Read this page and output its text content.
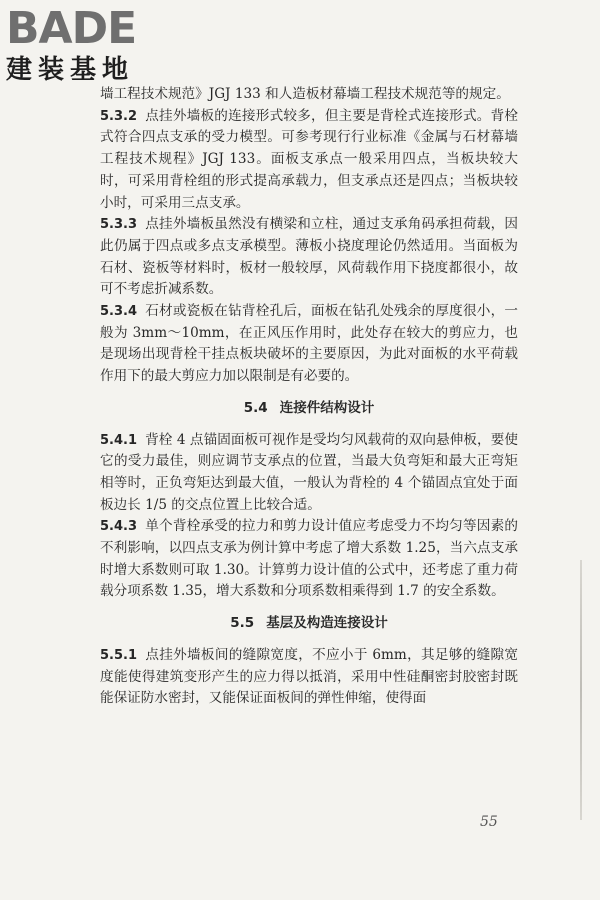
BADE
建装基地

墙工程技术规范》JGJ 133 和人造板材幕墙工程技术规范等的规定。

5.3.2 点挂外墙板的连接形式较多，但主要是背栓式连接形式。背栓式符合四点支承的受力模型。可参考现行行业标准《金属与石材幕墙工程技术规程》JGJ 133。面板支承点一般采用四点，当板块较大时，可采用背栓组的形式提高承载力，但支承点还是四点；当板块较小时，可采用三点支承。

5.3.3 点挂外墙板虽然没有横梁和立柱，通过支承角码承担荷载，因此仍属于四点或多点支承模型。薄板小挠度理论仍然适用。当面板为石材、瓷板等材料时，板材一般较厚，风荷载作用下挠度都很小，故可不考虑折减系数。

5.3.4 石材或瓷板在钻背栓孔后，面板在钻孔处残余的厚度很小，一般为 3mm～10mm，在正风压作用时，此处存在较大的剪应力，也是现场出现背栓干挂点板块破坏的主要原因，为此对面板的水平荷载作用下的最大剪应力加以限制是有必要的。

5.4 连接件结构设计

5.4.1 背栓 4 点锚固面板可视作是受均匀风载荷的双向悬伸板，要使它的受力最佳，则应调节支承点的位置，当最大负弯矩和最大正弯矩相等时，正负弯矩达到最大值，一般认为背栓的 4 个锚固点宜处于面板边长 1/5 的交点位置上比较合适。

5.4.3 单个背栓承受的拉力和剪力设计值应考虑受力不均匀等因素的不利影响，以四点支承为例计算中考虑了增大系数 1.25，当六点支承时增大系数则可取 1.30。计算剪力设计值的公式中，还考虑了重力荷载分项系数 1.35，增大系数和分项系数相乘得到 1.7 的安全系数。

5.5 基层及构造连接设计

5.5.1 点挂外墙板间的缝隙宽度，不应小于 6mm，其足够的缝隙宽度能使得建筑变形产生的应力得以抵消，采用中性硅酮密封胶密封既能保证防水密封，又能保证面板间的弹性伸缩，使得面

55
